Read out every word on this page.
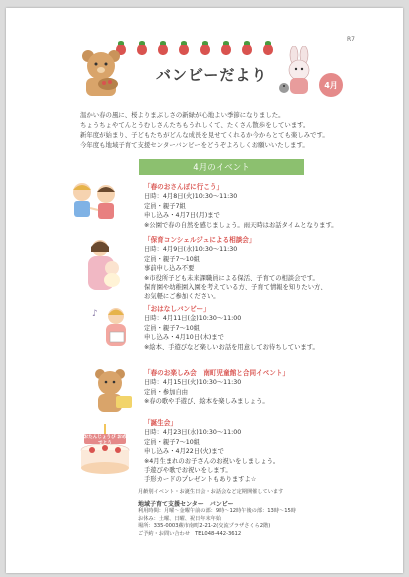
R7
バンビーだより
4月
温かい春の風に、桜よりまぶしさの新緑が心地よい季節になりました。
ちょうちょやてんとうむしさんたちもうれしくて、たくさん散歩をしています。
新年度が始まり、子どもたちがどんな成長を見せてくれるか今からとても楽しみです。
今年度も地域子育て支援センターバンビーをどうぞよろしくお願いいたします。
4月のイベント
「春のおさんぽに行こう」
日時：4月8日(火)10:30～11:30
定員・親子7組
申し込み・4月7日(月)まで
※公園で春の自然を感じましょう。雨天時はお話タイムとなります。
「保育コンシェルジュによる相談会」
日時：4月9日(水)10:30～11:30
定員・親子7～10組
事前申し込み不要
※市役所子ども未来課職員による保活、子育ての相談会です。
保育園や幼稚園入園を考えている方、子育て情報を知りたい方、
お気軽にご参加ください。
♪	「おはなしバンビー」
日時：4月11日(金)10:30～11:00
定員・親子7～10組
申し込み・4月10日(木)まで
※絵本、手遊びなど楽しいお話を用意してお待ちしています。
「春のお楽しみ会　南町児童館と合同イベント」
日時：4月15日(火)10:30～11:30
定員・参加自由
※春の歌や手遊び、絵本を楽しみましょう。
おたんじょうび おめでとう
「誕生会」
日時：4月23日(水)10:30～11:00
定員・親子7～10組
申し込み・4月22日(火)まで
※4月生まれのお子さんのお祝いをしましょう。
手遊びや歌でお祝いをします。
手形カードのプレゼントもありますよ☆
月齢別イベント・お誕生日会・お話会など定期開催しています
地域子育て支援センター　バンビー
利用時間：月曜～金曜午前の部：9時～12時午後の部：13時～15時
お休み：土曜、日曜、祝日年末年始
場所：335-0003蕨市南町2-21-2(交流プラザさくら2階)
ご予約・お問い合わせ　TEL048-442-3612
